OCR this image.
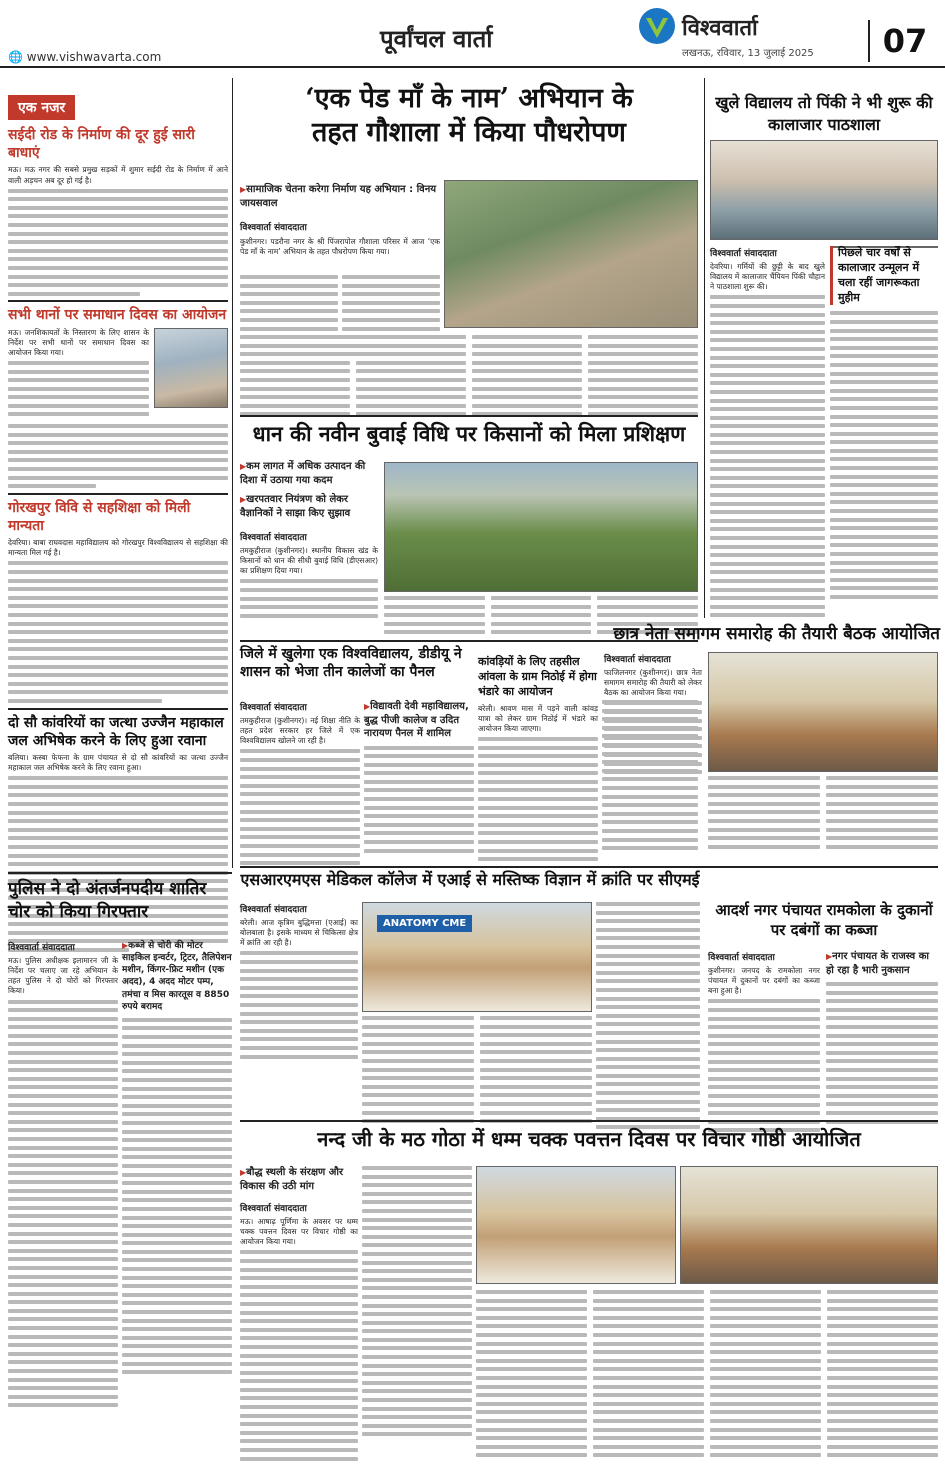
पूर्वांचल वार्ता
🌐 www.vishwavarta.com
विश्ववार्ता
लखनऊ, रविवार, 13 जुलाई 2025	07
एक नजर
सईदी रोड के निर्माण की दूर हुई सारी बाधाएं
मऊ। मऊ नगर की सबसे प्रमुख सड़कों में शुमार सईदी रोड के निर्माण में आने वाली अड़चन अब दूर हो गई है।
सभी थानों पर समाधान दिवस का आयोजन
मऊ। जनशिकायतों के निस्तारण के लिए शासन के निर्देश पर सभी थानों पर समाधान दिवस का आयोजन किया गया।
गोरखपुर विवि से सहशिक्षा को मिली मान्यता
देवरिया। बाबा राघवदास महाविद्यालय को गोरखपुर विश्वविद्यालय से सहशिक्षा की मान्यता मिल गई है।
दो सौ कांवरियों का जत्था उज्जैन महाकाल जल अभिषेक करने के लिए हुआ रवाना
बलिया। कस्बा फेफना के ग्राम पंचायत से दो सौ कांवरियों का जत्था उज्जैन महाकाल जल अभिषेक करने के लिए रवाना हुआ।
‘एक पेड माँ के नाम’ अभियान के
तहत गौशाला में किया पौधरोपण
▶ सामाजिक चेतना करेगा निर्माण यह अभियान : विनय जायसवाल
विश्ववार्ता संवाददाता
कुशीनगर। पडरौना नगर के श्री पिंजरापोल गौशाला परिसर में आज ‘एक पेड माँ के नाम’ अभियान के तहत पौधरोपण किया गया।
खुले विद्यालय तो पिंकी ने भी शुरू की कालाजार पाठशाला
विश्ववार्ता संवाददाता
देवरिया। गर्मियों की छुट्टी के बाद खुले विद्यालय में कालाजार चैंपियन पिंकी चौहान ने पाठशाला शुरू की।
पिछले चार वर्षों से कालाजार उन्मूलन में चला रहीं जागरूकता मुहीम
धान की नवीन बुवाई विधि पर किसानों को मिला प्रशिक्षण
▶ कम लागत में अधिक उत्पादन की दिशा में उठाया गया कदम
▶ खरपतवार नियंत्रण को लेकर वैज्ञानिकों ने साझा किए सुझाव
विश्ववार्ता संवाददाता
तमकुहीराज (कुशीनगर)। स्थानीय विकास खंड के किसानों को धान की सीधी बुवाई विधि (डीएसआर) का प्रशिक्षण दिया गया।
जिले में खुलेगा एक विश्वविद्यालय, डीडीयू ने शासन को भेजा तीन कालेजों का पैनल
विश्ववार्ता संवाददाता
तमकुहीराज (कुशीनगर)। नई शिक्षा नीति के तहत प्रदेश सरकार हर जिले में एक विश्वविद्यालय खोलने जा रही है।
▶ विद्यावती देवी महाविद्यालय, बुद्ध पीजी कालेज व उदित नारायण पैनल में शामिल
कांवड़ियों के लिए तहसील आंवला के ग्राम निठोई में होगा भंडारे का आयोजन
बरेली। श्रावण मास में पड़ने वाली कांवड़ यात्रा को लेकर ग्राम निठोई में भंडारे का आयोजन किया जाएगा।
छात्र नेता समागम समारोह की तैयारी बैठक आयोजित
विश्ववार्ता संवाददाता
फाजिलनगर (कुशीनगर)। छात्र नेता समागम समारोह की तैयारी को लेकर बैठक का आयोजन किया गया।
एसआरएमएस मेडिकल कॉलेज में एआई से मस्तिष्क विज्ञान में क्रांति पर सीएमई
विश्ववार्ता संवाददाता
बरेली। आज कृत्रिम बुद्धिमत्ता (एआई) का बोलबाला है। इसके माध्यम से चिकित्सा क्षेत्र में क्रांति आ रही है।
ANATOMY CME
आदर्श नगर पंचायत रामकोला के दुकानों पर दबंगों का कब्जा
विश्ववार्ता संवाददाता
कुशीनगर। जनपद के रामकोला नगर पंचायत में दुकानों पर दबंगों का कब्जा बना हुआ है।
▶ नगर पंचायत के राजस्व का हो रहा है भारी नुकसान
पुलिस ने दो अंतर्जनपदीय शातिर चोर को किया गिरफ्तार
विश्ववार्ता संवाददाता
मऊ। पुलिस अधीक्षक इलामारन जी के निर्देश पर चलाए जा रहे अभियान के तहत पुलिस ने दो चोरों को गिरफ्तार किया।
▶ कब्जे से चोरी की मोटर साइकिल इन्वर्टर, ट्रिटर, तैलिपेशन मशीन, किंगर-फ्रिट मशीन (एक अदद), 4 अदद मोटर पम्प, तमंचा व मिस कारतूस व 8850 रुपये बरामद
नन्द जी के मठ गोठा में धम्म चक्क पवत्तन दिवस पर विचार गोष्ठी आयोजित
▶ बौद्ध स्थली के संरक्षण और विकास की उठी मांग
विश्ववार्ता संवाददाता
मऊ। आषाढ़ पूर्णिमा के अवसर पर धम्म चक्क पवत्तन दिवस पर विचार गोष्ठी का आयोजन किया गया।
